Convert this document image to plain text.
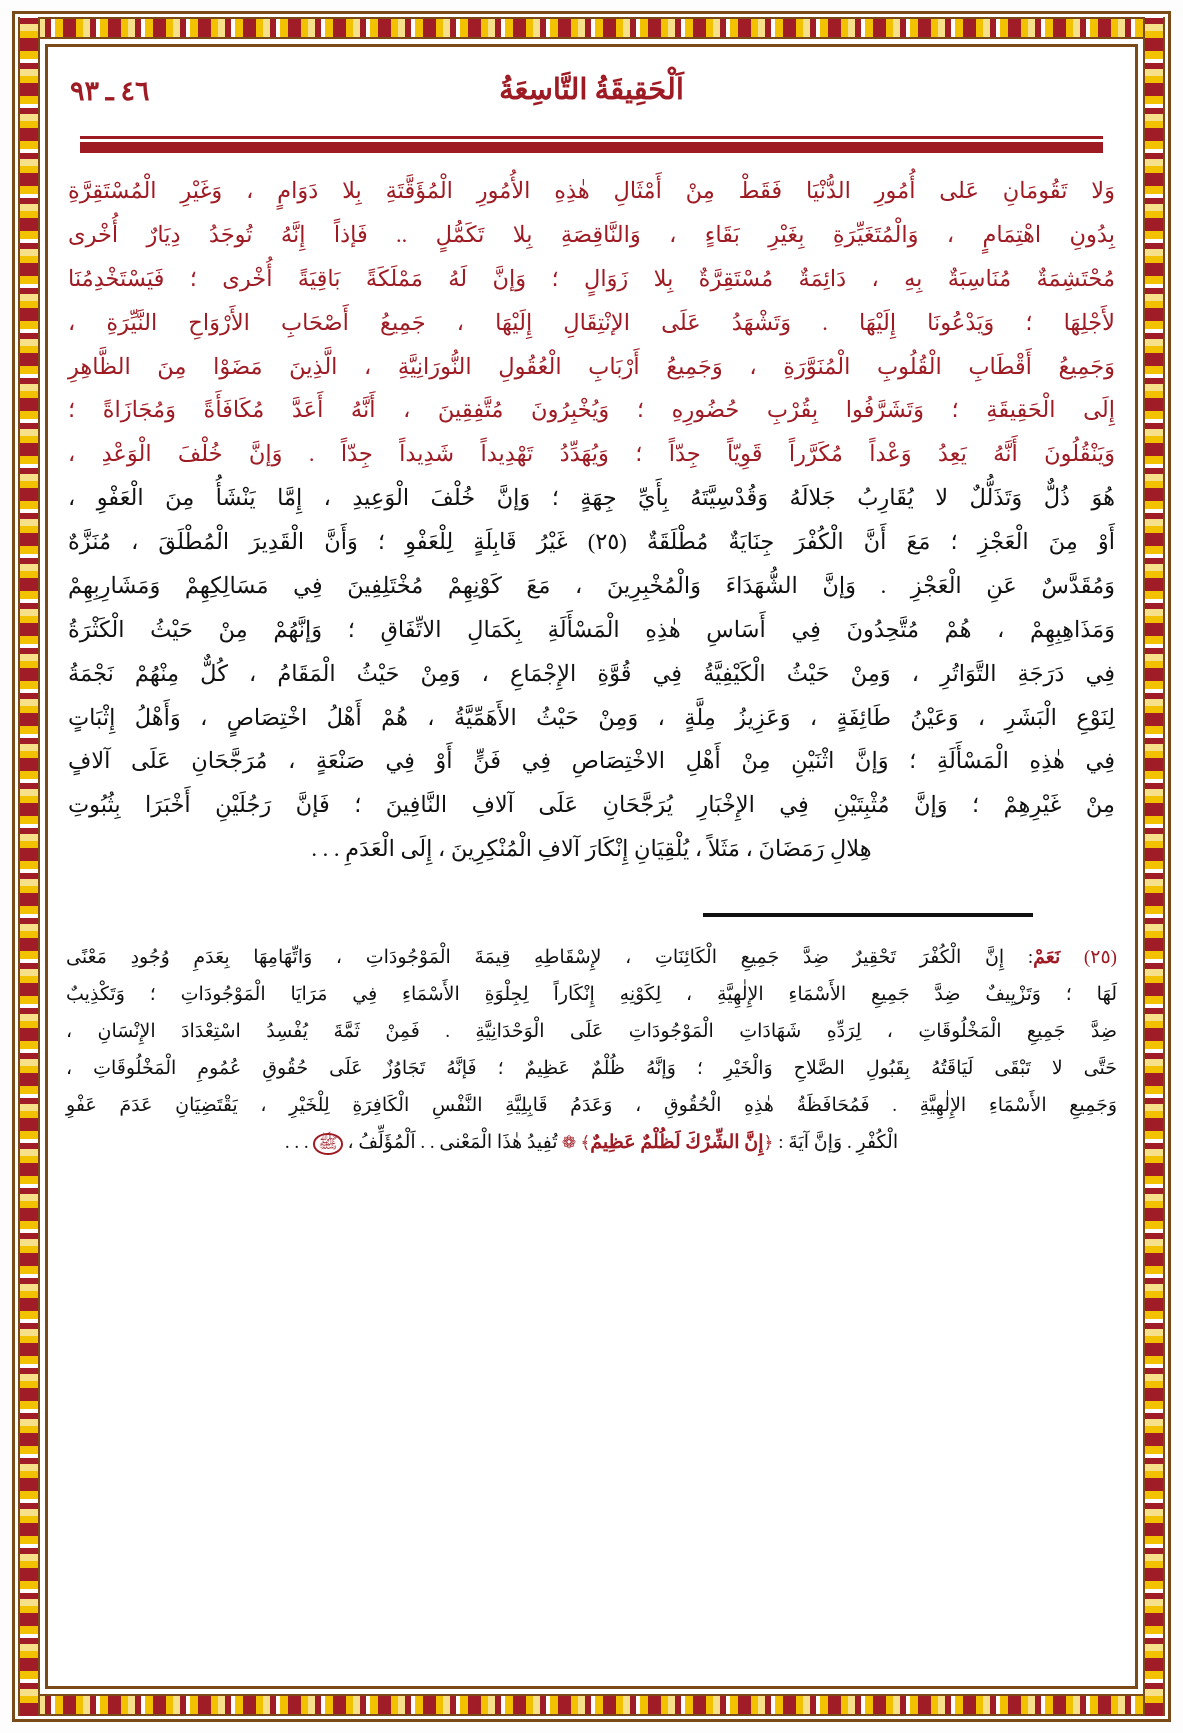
٤٦ ـ ٩٣	اَلْحَقِيقَةُ التَّاسِعَةُ
وَلا تَقُومَانِ عَلى أُمُورِ الدُّنْيَا فَقَطْ مِنْ أَمْثَالِ هٰذِهِ الأُمُورِ الْمُؤَقَّتَةِ بِلا دَوَامٍ ، وَغَيْرِ الْمُسْتَقِرَّةِ
بِدُونِ اهْتِمَامٍ ، وَالْمُتَغَيِّرَةِ بِغَيْرِ بَقَاءٍ ، وَالنَّاقِصَةِ بِلا تَكَمُّلٍ .. فَإذاً إِنَّهُ تُوجَدُ دِيَارٌ أُخْرى
مُحْتَشِمَةٌ مُنَاسِبَةٌ بِهِ ، دَائِمَةٌ مُسْتَقِرَّةٌ بِلا زَوَالٍ ؛ وَإنَّ لَهُ مَمْلَكَةً بَاقِيَةً أُخْرى ؛ فَيَسْتَخْدِمُنَا
لأَجْلِهَا ؛ وَيَدْعُونَا إِلَيْهَا . وَتَشْهَدُ عَلَى الإنْتِقَالِ إِلَيْهَا ، جَمِيعُ أَصْحَابِ الأَرْوَاحِ النَّيِّرَةِ ،
وَجَمِيعُ أَقْطَابِ الْقُلُوبِ الْمُنَوَّرَةِ ، وَجَمِيعُ أَرْبَابِ الْعُقُولِ النُّورَانِيَّةِ ، الَّذِينَ مَضَوْا مِنَ الظَّاهِرِ
إِلَى الْحَقِيقَةِ ؛ وَتَشَرَّفُوا بِقُرْبِ حُضُورِهِ ؛ وَيُخْبِرُونَ مُتَّفِقِينَ ، أَنَّهُ أَعَدَّ مُكَافَأَةً وَمُجَازَاةً ؛
وَيَنْقُلُونَ أَنَّهُ يَعِدُ وَعْداً مُكَرَّراً قَوِيّاً جِدّاً ؛ وَيُهَدِّدُ تَهْدِيداً شَدِيداً جِدّاً . وَإنَّ خُلْفَ الْوَعْدِ ،
هُوَ ذُلٌّ وَتَذَلُّلٌ لا يُقَارِبُ جَلالَهُ وَقُدْسِيَّتَهُ بِأَيِّ جِهَةٍ ؛ وَإنَّ خُلْفَ الْوَعِيدِ ، إِمَّا يَنْشَأُ مِنَ الْعَفْوِ ،
أَوْ مِنَ الْعَجْزِ ؛ مَعَ أَنَّ الْكُفْرَ جِنَايَةٌ مُطْلَقَةٌ (٢٥) غَيْرُ قَابِلَةٍ لِلْعَفْوِ ؛ وَأَنَّ الْقَدِيرَ الْمُطْلَقَ ، مُنَزَّهٌ
وَمُقَدَّسٌ عَنِ الْعَجْزِ . وَإنَّ الشُّهَدَاءَ وَالْمُخْبِرِينَ ، مَعَ كَوْنِهِمْ مُخْتَلِفِينَ فِي مَسَالِكِهِمْ وَمَشَارِبِهِمْ
وَمَذَاهِبِهِمْ ، هُمْ مُتَّحِدُونَ فِي أَسَاسِ هٰذِهِ الْمَسْأَلَةِ بِكَمَالِ الاتِّفَاقِ ؛ وَإنَّهُمْ مِنْ حَيْثُ الْكَثْرَةُ
فِي دَرَجَةِ التَّوَاتُرِ ، وَمِنْ حَيْثُ الْكَيْفِيَّةُ فِي قُوَّةِ الإِجْمَاعِ ، وَمِنْ حَيْثُ الْمَقَامُ ، كُلٌّ مِنْهُمْ نَجْمَةُ
لِنَوْعِ الْبَشَرِ ، وَعَيْنُ طَائِفَةٍ ، وَعَزِيزُ مِلَّةٍ ، وَمِنْ حَيْثُ الأَهَمِّيَّةُ ، هُمْ أَهْلُ اخْتِصَاصٍ ، وَأَهْلُ إِثْبَاتٍ
فِي هٰذِهِ الْمَسْأَلَةِ ؛ وَإنَّ اثْنَيْنِ مِنْ أَهْلِ الاخْتِصَاصِ فِي فَنٍّ أَوْ فِي صَنْعَةٍ ، مُرَجَّحَانِ عَلَى آلافٍ
مِنْ غَيْرِهِمْ ؛ وَإنَّ مُثْبِتَيْنِ فِي الإِخْبَارِ يُرَجَّحَانِ عَلَى آلافِ النَّافِينَ ؛ فَإنَّ رَجُلَيْنِ أَخْبَرَا بِثُبُوتِ
هِلالِ رَمَضَانَ ، مَثَلاً ، يُلْقِيَانِ إِنْكَارَ آلافِ الْمُنْكِرِينَ ، إِلَى الْعَدَمِ . . .
(٢٥) نَعَمْ: إِنَّ الْكُفْرَ تَحْقِيرٌ ضِدَّ جَمِيعِ الْكَائِنَاتِ ، لإِسْقَاطِهِ قِيمَةَ الْمَوْجُودَاتِ ، وَاتِّهَامِهَا بِعَدَمِ وُجُودِ مَعْنًى
لَهَا ؛ وَتَزْيِيفٌ ضِدَّ جَمِيعِ الأَسْمَاءِ الإِلٰهِيَّةِ ، لِكَوْنِهِ إِنْكَاراً لِجِلْوَةِ الأَسْمَاءِ فِي مَرَايَا الْمَوْجُودَاتِ ؛ وَتَكْذِيبٌ
ضِدَّ جَمِيعِ الْمَخْلُوقَاتِ ، لِرَدِّهِ شَهَادَاتِ الْمَوْجُودَاتِ عَلَى الْوَحْدَانِيَّةِ . فَمِنْ ثَمَّةَ يُفْسِدُ اسْتِعْدَادَ الإِنْسَانِ ،
حَتَّى لا تَبْقَى لَيَاقَتُهُ بِقَبُولِ الصَّلاحِ وَالْخَيْرِ ؛ وَإنَّهُ ظُلْمٌ عَظِيمٌ ؛ فَإنَّهُ تَجَاوُزٌ عَلَى حُقُوقِ عُمُومِ الْمَخْلُوقَاتِ ،
وَجَمِيعِ الأَسْمَاءِ الإِلٰهِيَّةِ . فَمُحَافَظَةُ هٰذِهِ الْحُقُوقِ ، وَعَدَمُ قَابِلِيَّةِ النَّفْسِ الْكَافِرَةِ لِلْخَيْرِ ، يَقْتَضِيَانِ عَدَمَ عَفْوِ
الْكُفْرِ . وَإنَّ آيَةَ : ﴿إِنَّ الشِّرْكَ لَظُلْمٌ عَظِيمٌ﴾ ❁ تُفِيدُ هٰذَا الْمَعْنى . . اَلْمُؤَلِّفُ ، ﷺ . . .
